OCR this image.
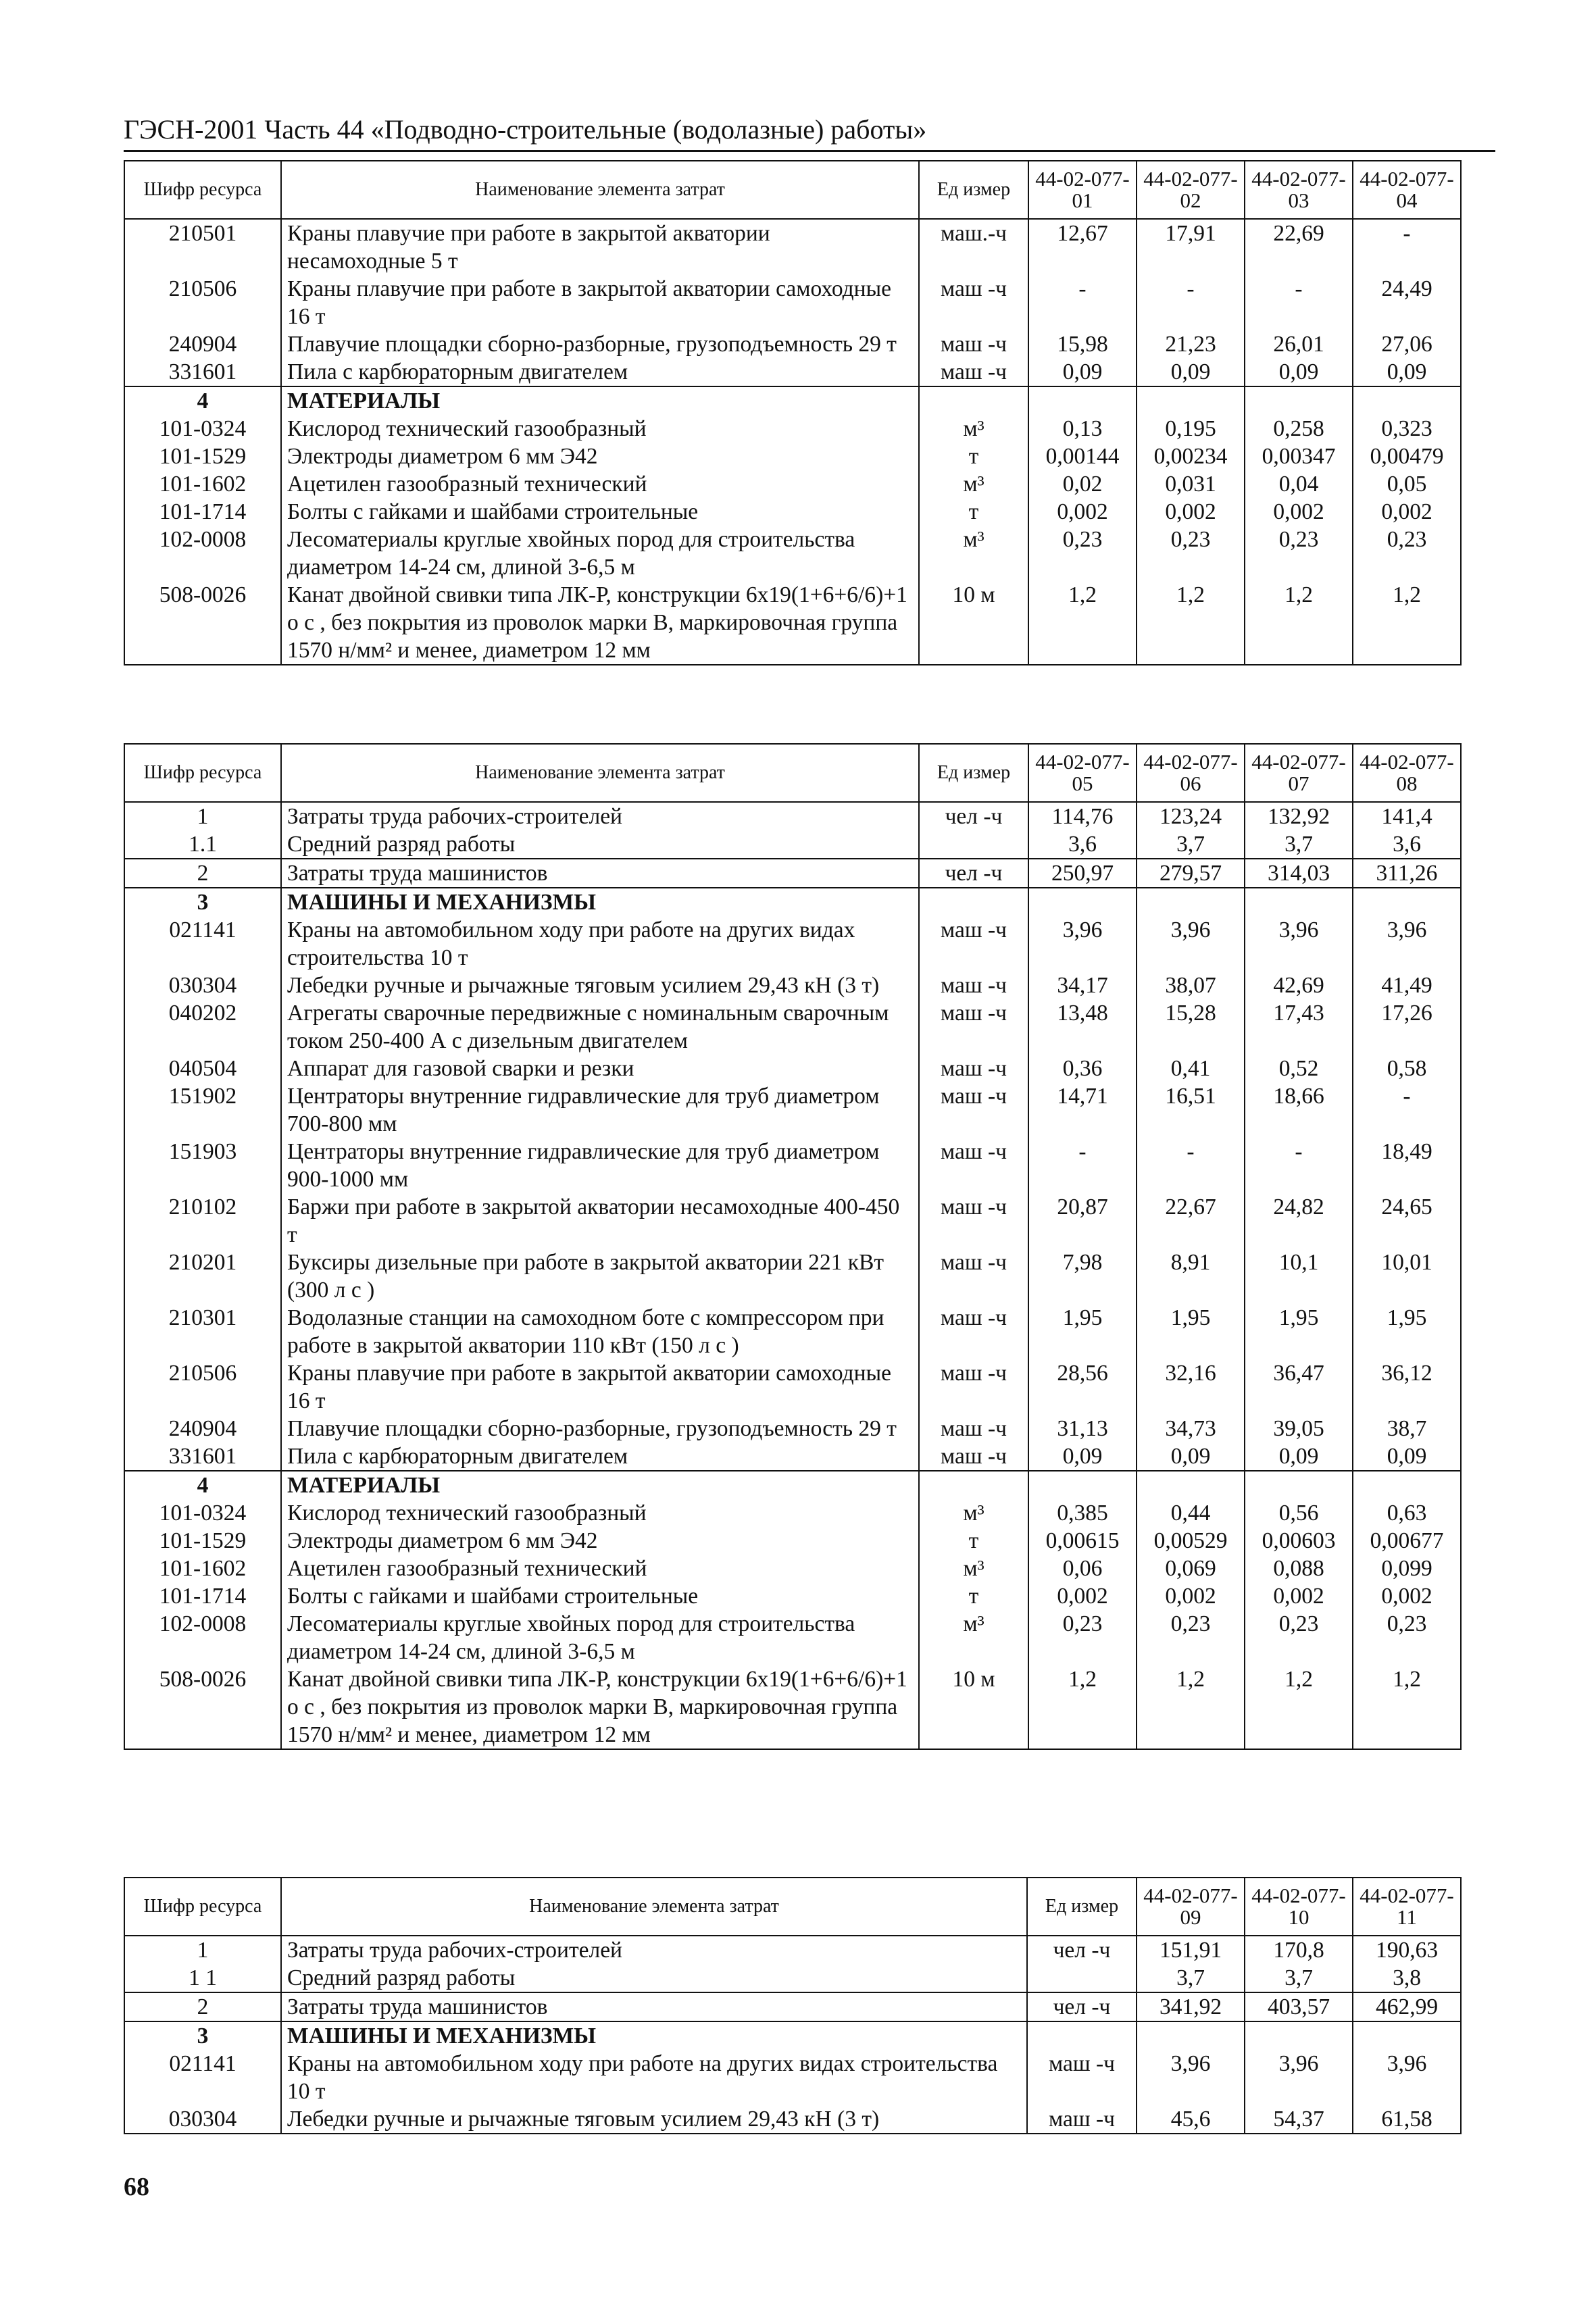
ГЭСН-2001 Часть 44 «Подводно-строительные (водолазные) работы»
Шифр ресурса	Наименование элемента затрат	Ед измер	44-02-077-01	44-02-077-02	44-02-077-03	44-02-077-04
210501	Краны плавучие при работе в закрытой акватории несамоходные 5 т	маш.-ч	12,67	17,91	22,69	-
210506	Краны плавучие при работе в закрытой акватории самоходные 16 т	маш -ч	-	-	-	24,49
240904	Плавучие площадки сборно-разборные, грузоподъемность 29 т	маш -ч	15,98	21,23	26,01	27,06
331601	Пила с карбюраторным двигателем	маш -ч	0,09	0,09	0,09	0,09
4	МАТЕРИАЛЫ					
101-0324	Кислород технический газообразный	м³	0,13	0,195	0,258	0,323
101-1529	Электроды диаметром 6 мм Э42	т	0,00144	0,00234	0,00347	0,00479
101-1602	Ацетилен газообразный технический	м³	0,02	0,031	0,04	0,05
101-1714	Болты с гайками и шайбами строительные	т	0,002	0,002	0,002	0,002
102-0008	Лесоматериалы круглые хвойных пород для строительства диаметром 14-24 см, длиной 3-6,5 м	м³	0,23	0,23	0,23	0,23
508-0026	Канат двойной свивки типа ЛК-Р, конструкции 6х19(1+6+6/6)+1 о с , без покрытия из проволок марки В, маркировочная группа 1570 н/мм² и менее, диаметром 12 мм	10 м	1,2	1,2	1,2	1,2
Шифр ресурса	Наименование элемента затрат	Ед измер	44-02-077-05	44-02-077-06	44-02-077-07	44-02-077-08
1	Затраты труда рабочих-строителей	чел -ч	114,76	123,24	132,92	141,4
1.1	Средний разряд работы		3,6	3,7	3,7	3,6
2	Затраты труда машинистов	чел -ч	250,97	279,57	314,03	311,26
3	МАШИНЫ И МЕХАНИЗМЫ					
021141	Краны на автомобильном ходу при работе на других видах строительства 10 т	маш -ч	3,96	3,96	3,96	3,96
030304	Лебедки ручные и рычажные тяговым усилием 29,43 кН (3 т)	маш -ч	34,17	38,07	42,69	41,49
040202	Агрегаты сварочные передвижные с номинальным сварочным током 250-400 А с дизельным двигателем	маш -ч	13,48	15,28	17,43	17,26
040504	Аппарат для газовой сварки и резки	маш -ч	0,36	0,41	0,52	0,58
151902	Центраторы внутренние гидравлические для труб диаметром 700-800 мм	маш -ч	14,71	16,51	18,66	-
151903	Центраторы внутренние гидравлические для труб диаметром 900-1000 мм	маш -ч	-	-	-	18,49
210102	Баржи при работе в закрытой акватории несамоходные 400-450 т	маш -ч	20,87	22,67	24,82	24,65
210201	Буксиры дизельные при работе в закрытой акватории 221 кВт (300 л с )	маш -ч	7,98	8,91	10,1	10,01
210301	Водолазные станции на самоходном боте с компрессором при работе в закрытой акватории 110 кВт (150 л с )	маш -ч	1,95	1,95	1,95	1,95
210506	Краны плавучие при работе в закрытой акватории самоходные 16 т	маш -ч	28,56	32,16	36,47	36,12
240904	Плавучие площадки сборно-разборные, грузоподъемность 29 т	маш -ч	31,13	34,73	39,05	38,7
331601	Пила с карбюраторным двигателем	маш -ч	0,09	0,09	0,09	0,09
4	МАТЕРИАЛЫ					
101-0324	Кислород технический газообразный	м³	0,385	0,44	0,56	0,63
101-1529	Электроды диаметром 6 мм Э42	т	0,00615	0,00529	0,00603	0,00677
101-1602	Ацетилен газообразный технический	м³	0,06	0,069	0,088	0,099
101-1714	Болты с гайками и шайбами строительные	т	0,002	0,002	0,002	0,002
102-0008	Лесоматериалы круглые хвойных пород для строительства диаметром 14-24 см, длиной 3-6,5 м	м³	0,23	0,23	0,23	0,23
508-0026	Канат двойной свивки типа ЛК-Р, конструкции 6х19(1+6+6/6)+1 о с , без покрытия из проволок марки В, маркировочная группа 1570 н/мм² и менее, диаметром 12 мм	10 м	1,2	1,2	1,2	1,2
Шифр ресурса	Наименование элемента затрат	Ед измер	44-02-077-09	44-02-077-10	44-02-077-11
1	Затраты труда рабочих-строителей	чел -ч	151,91	170,8	190,63
1 1	Средний разряд работы		3,7	3,7	3,8
2	Затраты труда машинистов	чел -ч	341,92	403,57	462,99
3	МАШИНЫ И МЕХАНИЗМЫ				
021141	Краны на автомобильном ходу при работе на других видах строительства 10 т	маш -ч	3,96	3,96	3,96
030304	Лебедки ручные и рычажные тяговым усилием 29,43 кН (3 т)	маш -ч	45,6	54,37	61,58
68
